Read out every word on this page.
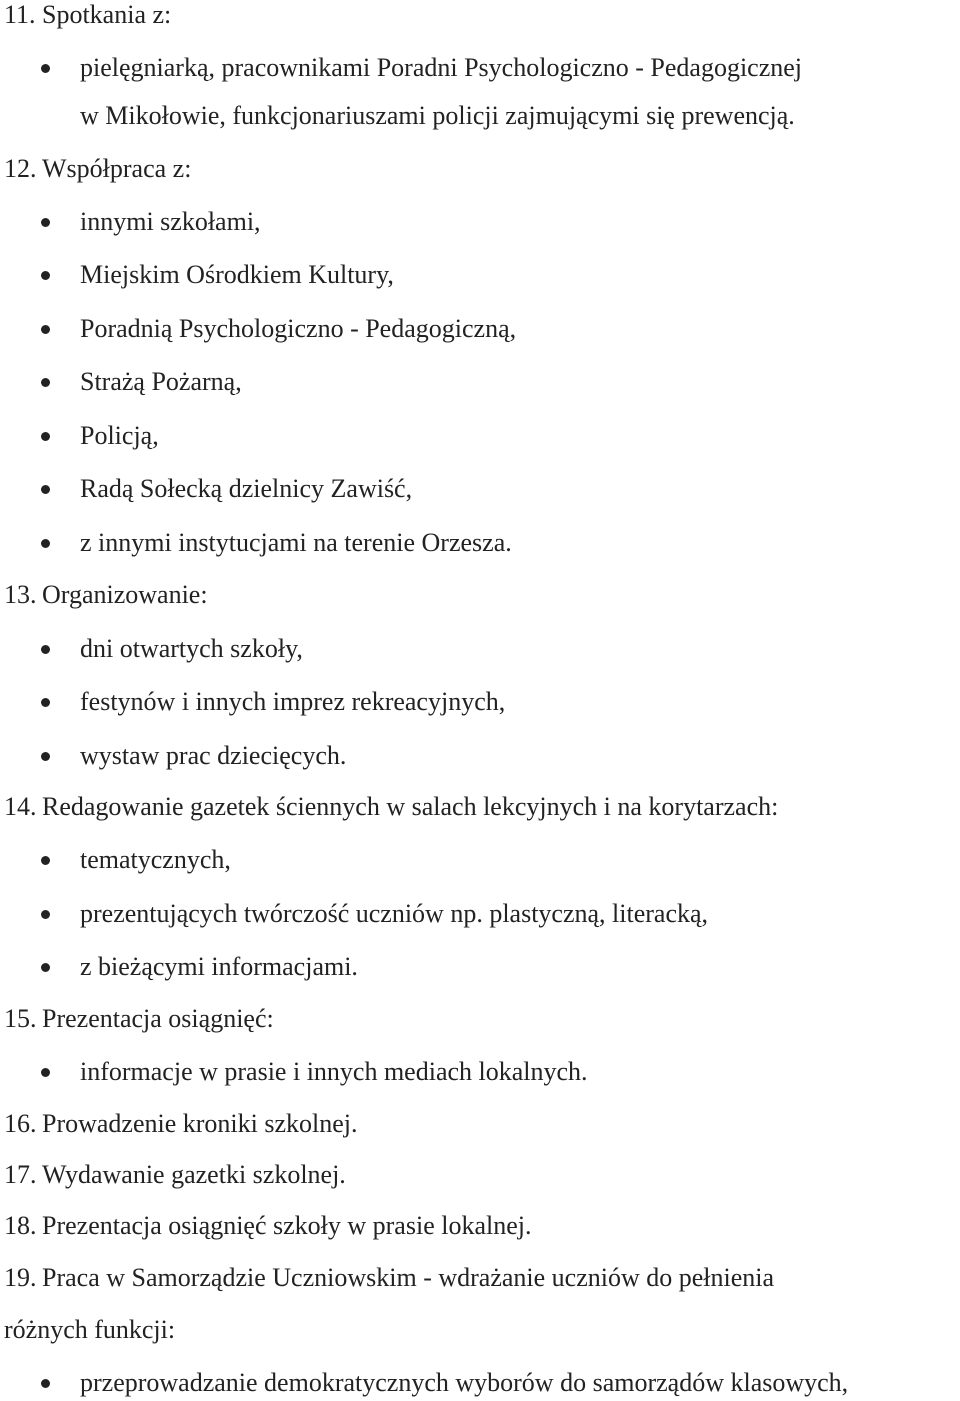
11. Spotkania z:
pielęgniarką, pracownikami Poradni Psychologiczno - Pedagogicznej
w Mikołowie, funkcjonariuszami policji zajmującymi się prewencją.
12. Współpraca z:
innymi szkołami,
Miejskim Ośrodkiem Kultury,
Poradnią Psychologiczno - Pedagogiczną,
Strażą Pożarną,
Policją,
Radą Sołecką dzielnicy Zawiść,
z innymi instytucjami na terenie Orzesza.
13. Organizowanie:
dni otwartych szkoły,
festynów i innych imprez rekreacyjnych,
wystaw prac dziecięcych.
14. Redagowanie gazetek ściennych w salach lekcyjnych i na korytarzach:
tematycznych,
prezentujących twórczość uczniów np. plastyczną, literacką,
z bieżącymi informacjami.
15. Prezentacja osiągnięć:
informacje w prasie i innych mediach lokalnych.
16. Prowadzenie kroniki szkolnej.
17. Wydawanie gazetki szkolnej.
18. Prezentacja osiągnięć szkoły w prasie lokalnej.
19. Praca w Samorządzie Uczniowskim - wdrażanie uczniów do pełnienia
różnych funkcji:
przeprowadzanie demokratycznych wyborów do samorządów klasowych,
